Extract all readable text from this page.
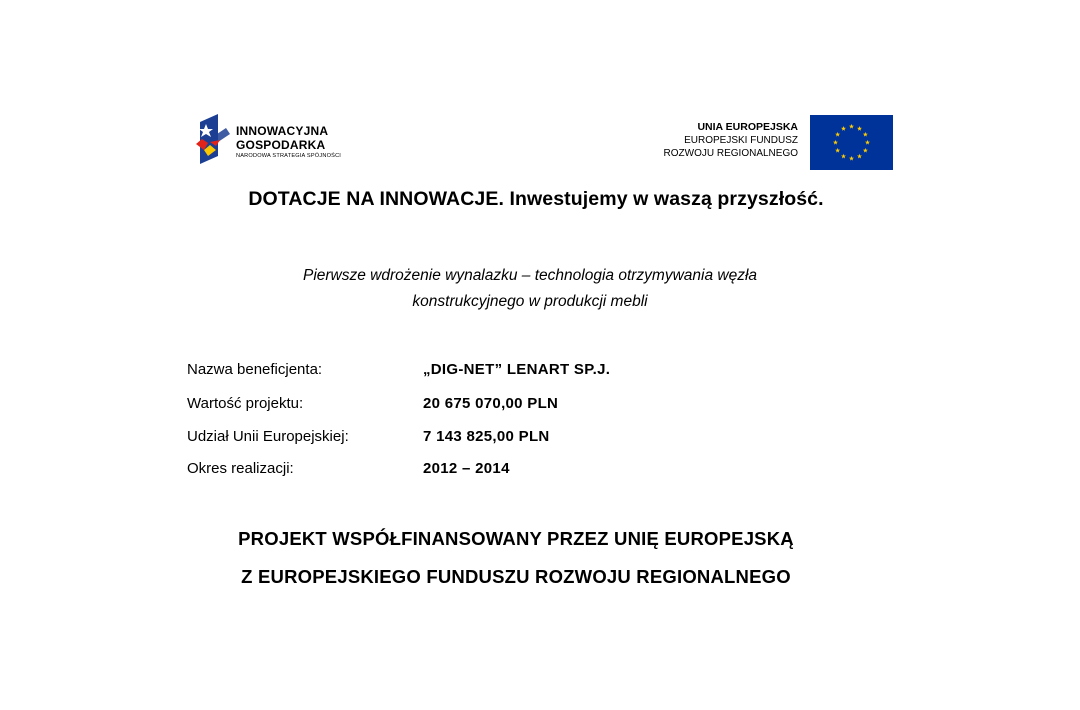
INNOWACYJNA
GOSPODARKA
NARODOWA STRATEGIA SPÓJNOŚCI
UNIA EUROPEJSKA
EUROPEJSKI FUNDUSZ
ROZWOJU REGIONALNEGO
DOTACJE NA INNOWACJE. Inwestujemy w waszą przyszłość.
Pierwsze wdrożenie wynalazku – technologia otrzymywania węzła
konstrukcyjnego w produkcji mebli
Nazwa beneficjenta:	„DIG-NET” LENART SP.J.
Wartość projektu:	20 675 070,00 PLN
Udział Unii Europejskiej:	7 143 825,00 PLN
Okres realizacji:	2012 – 2014
PROJEKT WSPÓŁFINANSOWANY PRZEZ UNIĘ EUROPEJSKĄ
Z EUROPEJSKIEGO FUNDUSZU ROZWOJU REGIONALNEGO
